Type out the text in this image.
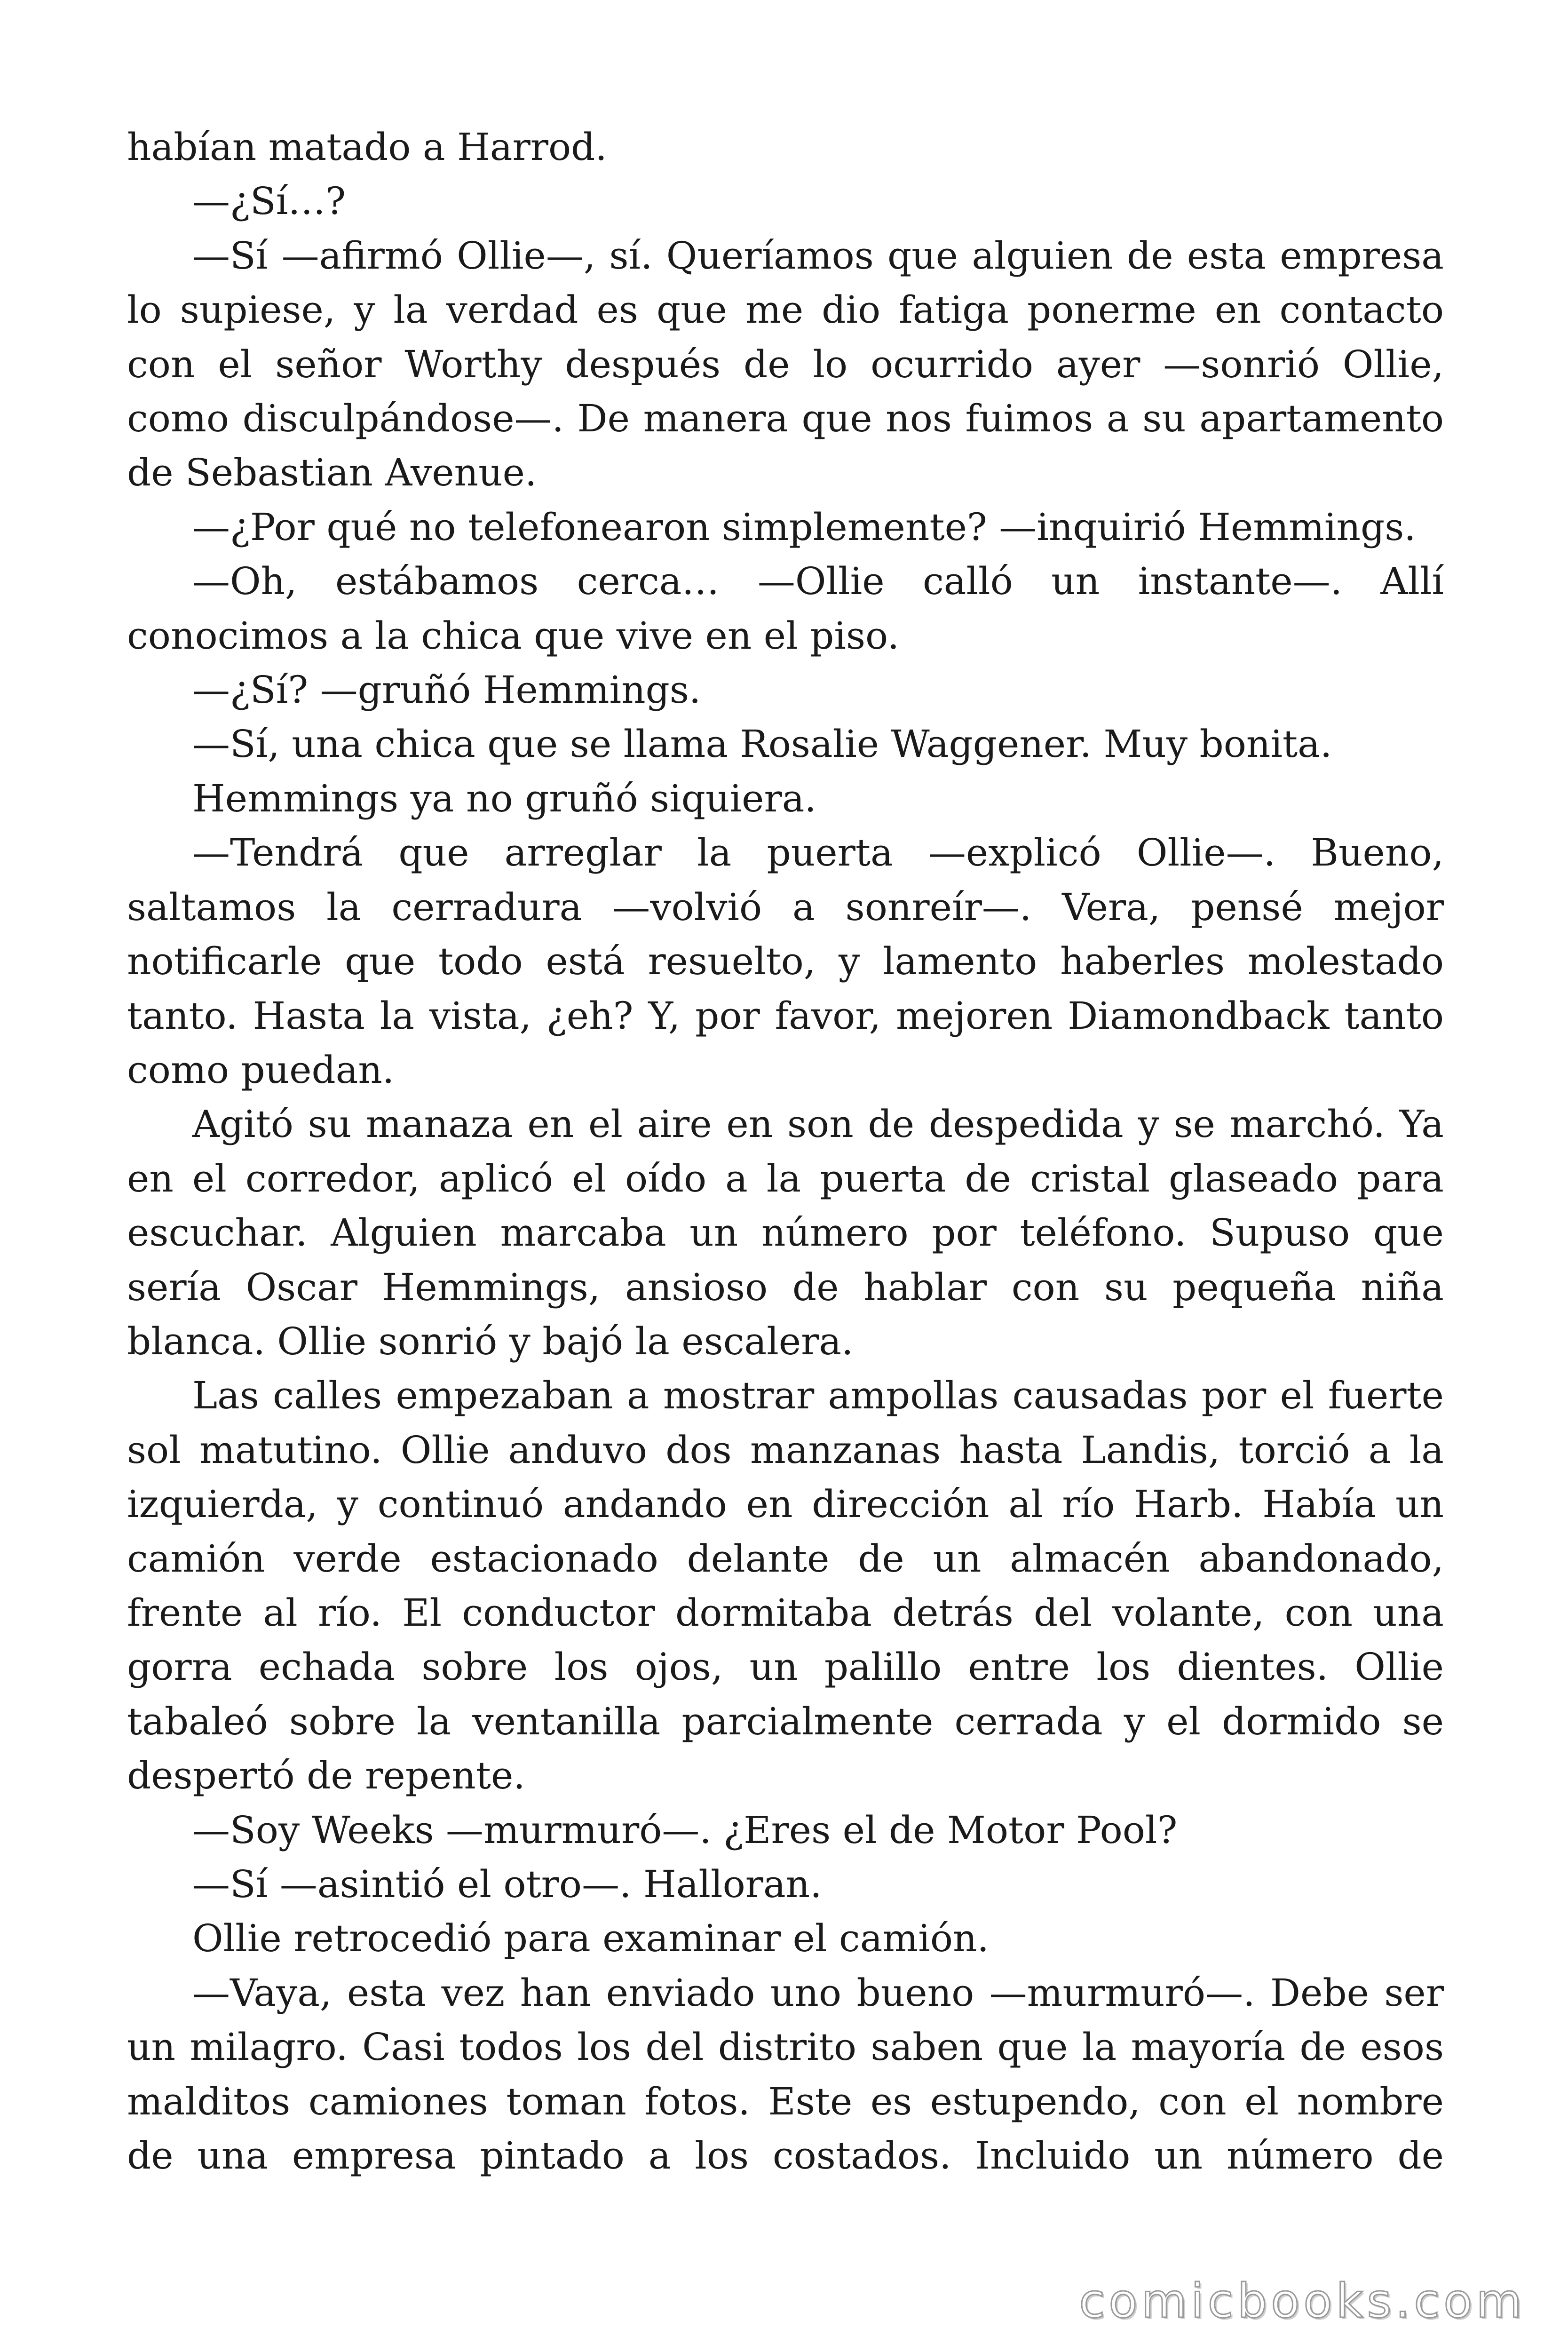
habían matado a Harrod.

—¿Sí…?

—Sí —afirmó Ollie—, sí. Queríamos que alguien de esta empresa lo supiese, y la verdad es que me dio fatiga ponerme en contacto con el señor Worthy después de lo ocurrido ayer —sonrió Ollie, como disculpándose—. De manera que nos fuimos a su apartamento de Sebastian Avenue.

—¿Por qué no telefonearon simplemente? —inquirió Hemmings.

—Oh, estábamos cerca… —Ollie calló un instante—. Allí conocimos a la chica que vive en el piso.

—¿Sí? —gruñó Hemmings.

—Sí, una chica que se llama Rosalie Waggener. Muy bonita.

Hemmings ya no gruñó siquiera.

—Tendrá que arreglar la puerta —explicó Ollie—. Bueno, saltamos la cerradura —volvió a sonreír—. Vera, pensé mejor notificarle que todo está resuelto, y lamento haberles molestado tanto. Hasta la vista, ¿eh? Y, por favor, mejoren Diamondback tanto como puedan.

Agitó su manaza en el aire en son de despedida y se marchó. Ya en el corredor, aplicó el oído a la puerta de cristal glaseado para escuchar. Alguien marcaba un número por teléfono. Supuso que sería Oscar Hemmings, ansioso de hablar con su pequeña niña blanca. Ollie sonrió y bajó la escalera.

Las calles empezaban a mostrar ampollas causadas por el fuerte sol matutino. Ollie anduvo dos manzanas hasta Landis, torció a la izquierda, y continuó andando en dirección al río Harb. Había un camión verde estacionado delante de un almacén abandonado, frente al río. El conductor dormitaba detrás del volante, con una gorra echada sobre los ojos, un palillo entre los dientes. Ollie tabaleó sobre la ventanilla parcialmente cerrada y el dormido se despertó de repente.

—Soy Weeks —murmuró—. ¿Eres el de Motor Pool?

—Sí —asintió el otro—. Halloran.

Ollie retrocedió para examinar el camión.

—Vaya, esta vez han enviado uno bueno —murmuró—. Debe ser un milagro. Casi todos los del distrito saben que la mayoría de esos malditos camiones toman fotos. Este es estupendo, con el nombre de una empresa pintado a los costados. Incluido un número de

comicbooks.com
